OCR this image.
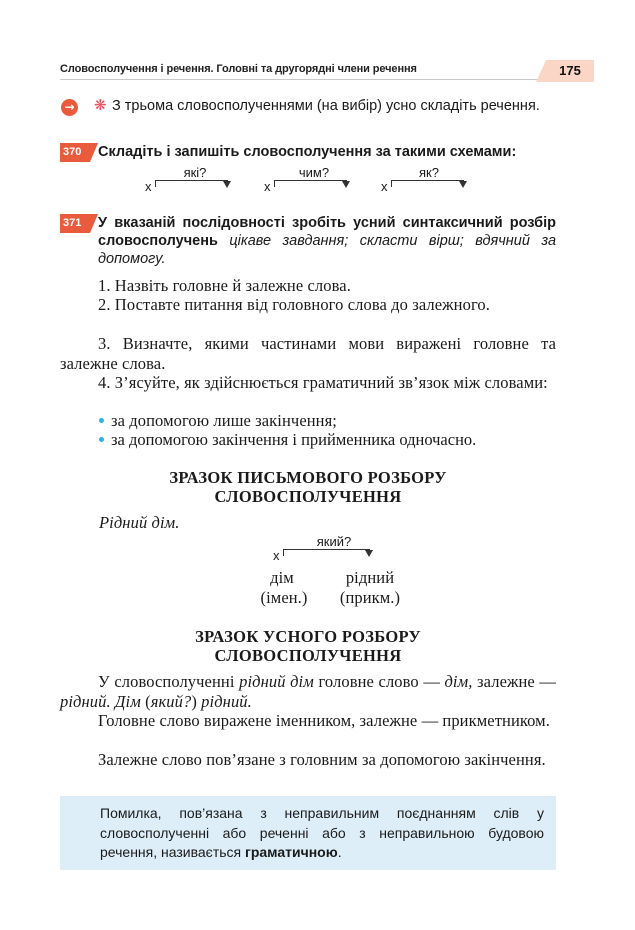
Словосполучення і речення. Головні та другорядні члени речення	175
→ ❋ З трьома словосполученнями (на вибір) усно складіть речення.
370	Складіть і запишіть словосполучення за такими схемами:
х
які?
х
чим?
х
як?
371	У вказаній послідовності зробіть усний синтаксичний розбір словосполучень цікаве завдання; скласти вірш; вдячний за допомогу.
1. Назвіть головне й залежне слова.
2. Поставте питання від головного слова до залежного.
3. Визначте, якими частинами мови виражені головне та залежне слова.
4. З’ясуйте, як здійснюється граматичний зв’язок між словами:
за допомогою лише закінчення;
за допомогою закінчення і прийменника одночасно.
ЗРАЗОК ПИСЬМОВОГО РОЗБОРУ
СЛОВОСПОЛУЧЕННЯ
Рідний дім.
х
який?
дім	рідний
(імен.)	(прикм.)
ЗРАЗОК УСНОГО РОЗБОРУ
СЛОВОСПОЛУЧЕННЯ
У словосполученні рідний дім головне слово — дім, залежне — рідний. Дім (який?) рідний.
Головне слово виражене іменником, залежне — прикметником.
Залежне слово пов’язане з головним за допомогою закінчення.
Помилка, пов’язана з неправильним поєднанням слів у словосполученні або реченні або з неправильною будовою речення, називається граматичною.
